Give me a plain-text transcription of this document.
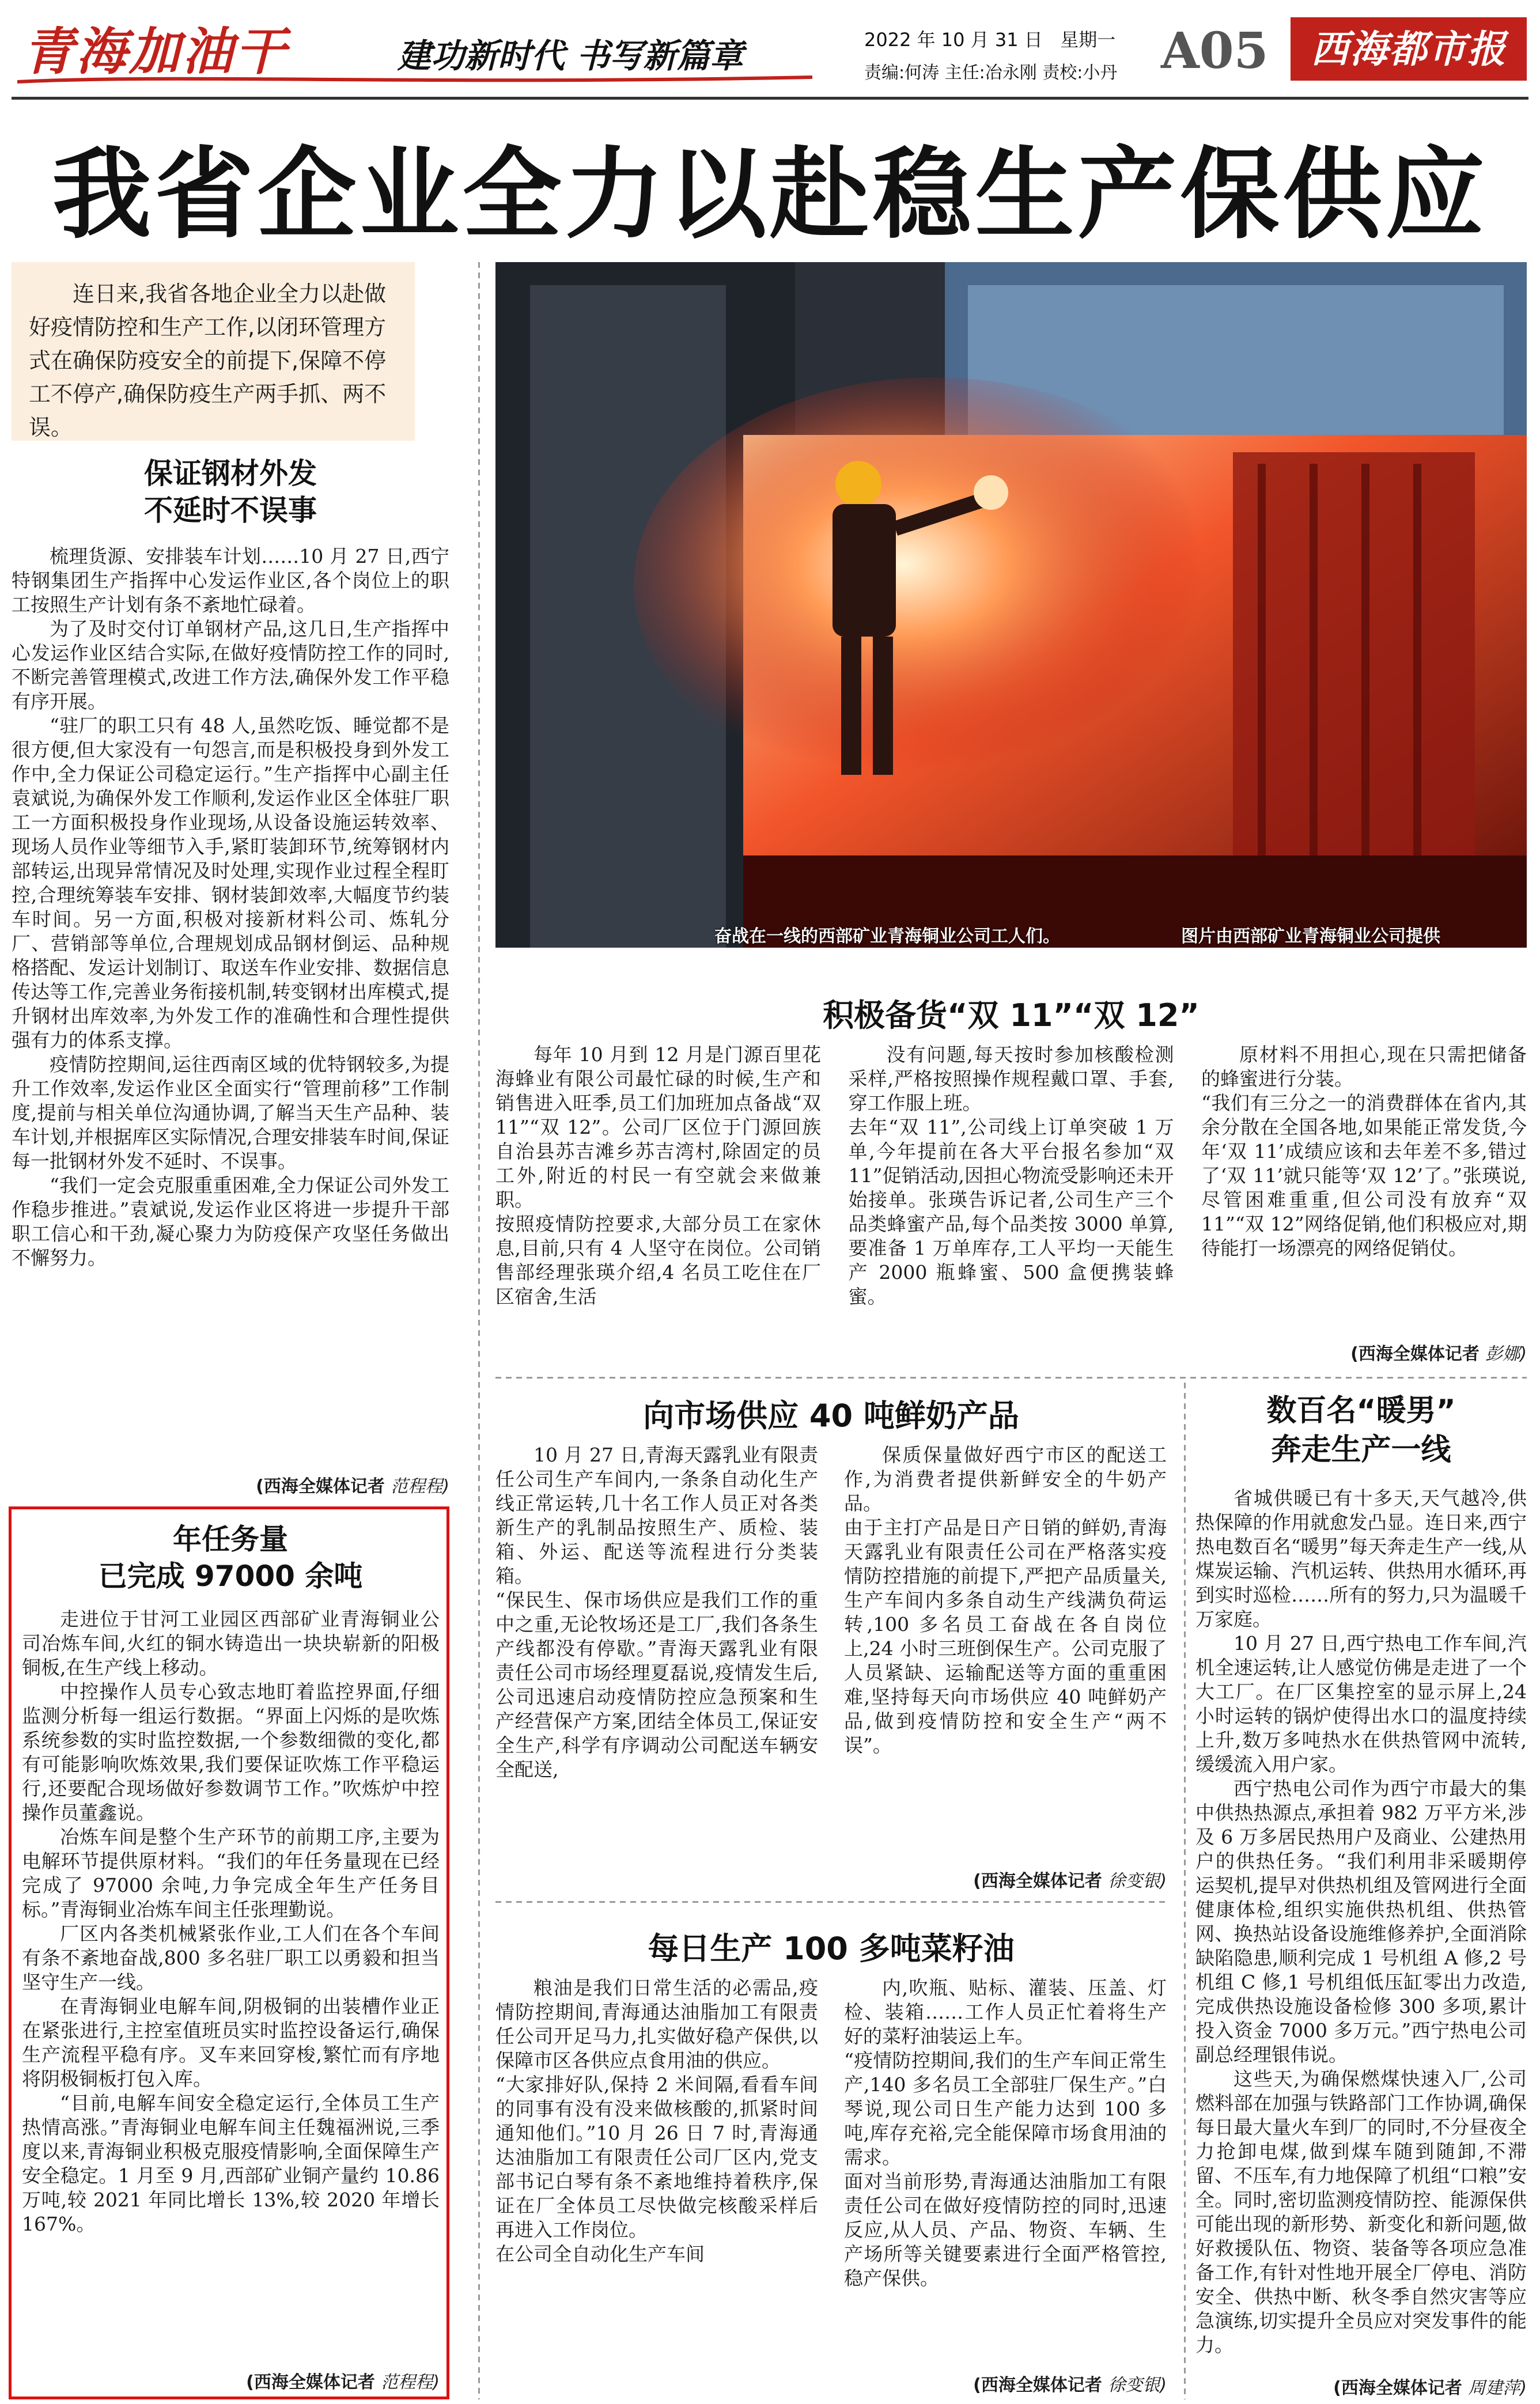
青海加油干	建功新时代 书写新篇章	2022 年 10 月 31 日 星期一
责编:何涛 主任:冶永刚 责校:小丹 A05	西海都市报
我省企业全力以赴稳生产保供应
连日来,我省各地企业全力以赴做好疫情防控和生产工作,以闭环管理方式在确保防疫安全的前提下,保障不停工不停产,确保防疫生产两手抓、两不误。
奋战在一线的西部矿业青海铜业公司工人们。	图片由西部矿业青海铜业公司提供
保证钢材外发
不延时不误事

梳理货源、安排装车计划……10 月 27 日,西宁特钢集团生产指挥中心发运作业区,各个岗位上的职工按照生产计划有条不紊地忙碌着。

为了及时交付订单钢材产品,这几日,生产指挥中心发运作业区结合实际,在做好疫情防控工作的同时,不断完善管理模式,改进工作方法,确保外发工作平稳有序开展。

“驻厂的职工只有 48 人,虽然吃饭、睡觉都不是很方便,但大家没有一句怨言,而是积极投身到外发工作中,全力保证公司稳定运行。”生产指挥中心副主任袁斌说,为确保外发工作顺利,发运作业区全体驻厂职工一方面积极投身作业现场,从设备设施运转效率、现场人员作业等细节入手,紧盯装卸环节,统筹钢材内部转运,出现异常情况及时处理,实现作业过程全程盯控,合理统筹装车安排、钢材装卸效率,大幅度节约装车时间。另一方面,积极对接新材料公司、炼轧分厂、营销部等单位,合理规划成品钢材倒运、品种规格搭配、发运计划制订、取送车作业安排、数据信息传达等工作,完善业务衔接机制,转变钢材出库模式,提升钢材出库效率,为外发工作的准确性和合理性提供强有力的体系支撑。

疫情防控期间,运往西南区域的优特钢较多,为提升工作效率,发运作业区全面实行“管理前移”工作制度,提前与相关单位沟通协调,了解当天生产品种、装车计划,并根据库区实际情况,合理安排装车时间,保证每一批钢材外发不延时、不误事。

“我们一定会克服重重困难,全力保证公司外发工作稳步推进。”袁斌说,发运作业区将进一步提升干部职工信心和干劲,凝心聚力为防疫保产攻坚任务做出不懈努力。

(西海全媒体记者 范程程)
年任务量
已完成 97000 余吨

走进位于甘河工业园区西部矿业青海铜业公司冶炼车间,火红的铜水铸造出一块块崭新的阳极铜板,在生产线上移动。

中控操作人员专心致志地盯着监控界面,仔细监测分析每一组运行数据。“界面上闪烁的是吹炼系统参数的实时监控数据,一个参数细微的变化,都有可能影响吹炼效果,我们要保证吹炼工作平稳运行,还要配合现场做好参数调节工作。”吹炼炉中控操作员董鑫说。

冶炼车间是整个生产环节的前期工序,主要为电解环节提供原材料。“我们的年任务量现在已经完成了 97000 余吨,力争完成全年生产任务目标。”青海铜业冶炼车间主任张理勤说。

厂区内各类机械紧张作业,工人们在各个车间有条不紊地奋战,800 多名驻厂职工以勇毅和担当坚守生产一线。

在青海铜业电解车间,阴极铜的出装槽作业正在紧张进行,主控室值班员实时监控设备运行,确保生产流程平稳有序。叉车来回穿梭,繁忙而有序地将阴极铜板打包入库。

“目前,电解车间安全稳定运行,全体员工生产热情高涨。”青海铜业电解车间主任魏福洲说,三季度以来,青海铜业积极克服疫情影响,全面保障生产安全稳定。1 月至 9 月,西部矿业铜产量约 10.86 万吨,较 2021 年同比增长 13%,较 2020 年增长 167%。

(西海全媒体记者 范程程)
积极备货“双 11”“双 12”
每年 10 月到 12 月是门源百里花海蜂业有限公司最忙碌的时候,生产和销售进入旺季,员工们加班加点备战“双 11”“双 12”。公司厂区位于门源回族自治县苏吉滩乡苏吉湾村,除固定的员工外,附近的村民一有空就会来做兼职。
按照疫情防控要求,大部分员工在家休息,目前,只有 4 人坚守在岗位。公司销售部经理张瑛介绍,4 名员工吃住在厂区宿舍,生活
没有问题,每天按时参加核酸检测采样,严格按照操作规程戴口罩、手套,穿工作服上班。
去年“双 11”,公司线上订单突破 1 万单,今年提前在各大平台报名参加“双 11”促销活动,因担心物流受影响还未开始接单。张瑛告诉记者,公司生产三个品类蜂蜜产品,每个品类按 3000 单算,要准备 1 万单库存,工人平均一天能生产 2000 瓶蜂蜜、500 盒便携装蜂蜜。
原材料不用担心,现在只需把储备的蜂蜜进行分装。
“我们有三分之一的消费群体在省内,其余分散在全国各地,如果能正常发货,今年‘双 11’成绩应该和去年差不多,错过了‘双 11’就只能等‘双 12’了。”张瑛说,尽管困难重重,但公司没有放弃“双 11”“双 12”网络促销,他们积极应对,期待能打一场漂亮的网络促销仗。
(西海全媒体记者 彭娜)
向市场供应 40 吨鲜奶产品
10 月 27 日,青海天露乳业有限责任公司生产车间内,一条条自动化生产线正常运转,几十名工作人员正对各类新生产的乳制品按照生产、质检、装箱、外运、配送等流程进行分类装箱。
“保民生、保市场供应是我们工作的重中之重,无论牧场还是工厂,我们各条生产线都没有停歇。”青海天露乳业有限责任公司市场经理夏磊说,疫情发生后,公司迅速启动疫情防控应急预案和生产经营保产方案,团结全体员工,保证安全生产,科学有序调动公司配送车辆安全配送,
保质保量做好西宁市区的配送工作,为消费者提供新鲜安全的牛奶产品。
由于主打产品是日产日销的鲜奶,青海天露乳业有限责任公司在严格落实疫情防控措施的前提下,严把产品质量关,生产车间内多条自动生产线满负荷运转,100 多名员工奋战在各自岗位上,24 小时三班倒保生产。公司克服了人员紧缺、运输配送等方面的重重困难,坚持每天向市场供应 40 吨鲜奶产品,做到疫情防控和安全生产“两不误”。
(西海全媒体记者 徐变银)
每日生产 100 多吨菜籽油
粮油是我们日常生活的必需品,疫情防控期间,青海通达油脂加工有限责任公司开足马力,扎实做好稳产保供,以保障市区各供应点食用油的供应。
“大家排好队,保持 2 米间隔,看看车间的同事有没有没来做核酸的,抓紧时间通知他们。”10 月 26 日 7 时,青海通达油脂加工有限责任公司厂区内,党支部书记白琴有条不紊地维持着秩序,保证在厂全体员工尽快做完核酸采样后再进入工作岗位。
在公司全自动化生产车间
内,吹瓶、贴标、灌装、压盖、灯检、装箱……工作人员正忙着将生产好的菜籽油装运上车。
“疫情防控期间,我们的生产车间正常生产,140 多名员工全部驻厂保生产。”白琴说,现公司日生产能力达到 100 多吨,库存充裕,完全能保障市场食用油的需求。
面对当前形势,青海通达油脂加工有限责任公司在做好疫情防控的同时,迅速反应,从人员、产品、物资、车辆、生产场所等关键要素进行全面严格管控,稳产保供。
(西海全媒体记者 徐变银)
数百名“暖男”
奔走生产一线

省城供暖已有十多天,天气越冷,供热保障的作用就愈发凸显。连日来,西宁热电数百名“暖男”每天奔走生产一线,从煤炭运输、汽机运转、供热用水循环,再到实时巡检……所有的努力,只为温暖千万家庭。

10 月 27 日,西宁热电工作车间,汽机全速运转,让人感觉仿佛是走进了一个大工厂。在厂区集控室的显示屏上,24 小时运转的锅炉使得出水口的温度持续上升,数万多吨热水在供热管网中流转,缓缓流入用户家。

西宁热电公司作为西宁市最大的集中供热热源点,承担着 982 万平方米,涉及 6 万多居民热用户及商业、公建热用户的供热任务。“我们利用非采暖期停运契机,提早对供热机组及管网进行全面健康体检,组织实施供热机组、供热管网、换热站设备设施维修养护,全面消除缺陷隐患,顺利完成 1 号机组 A 修,2 号机组 C 修,1 号机组低压缸零出力改造,完成供热设施设备检修 300 多项,累计投入资金 7000 多万元。”西宁热电公司副总经理银伟说。

这些天,为确保燃煤快速入厂,公司燃料部在加强与铁路部门工作协调,确保每日最大量火车到厂的同时,不分昼夜全力抢卸电煤,做到煤车随到随卸,不滞留、不压车,有力地保障了机组“口粮”安全。同时,密切监测疫情防控、能源保供可能出现的新形势、新变化和新问题,做好救援队伍、物资、装备等各项应急准备工作,有针对性地开展全厂停电、消防安全、供热中断、秋冬季自然灾害等应急演练,切实提升全员应对突发事件的能力。

(西海全媒体记者 周建萍)
